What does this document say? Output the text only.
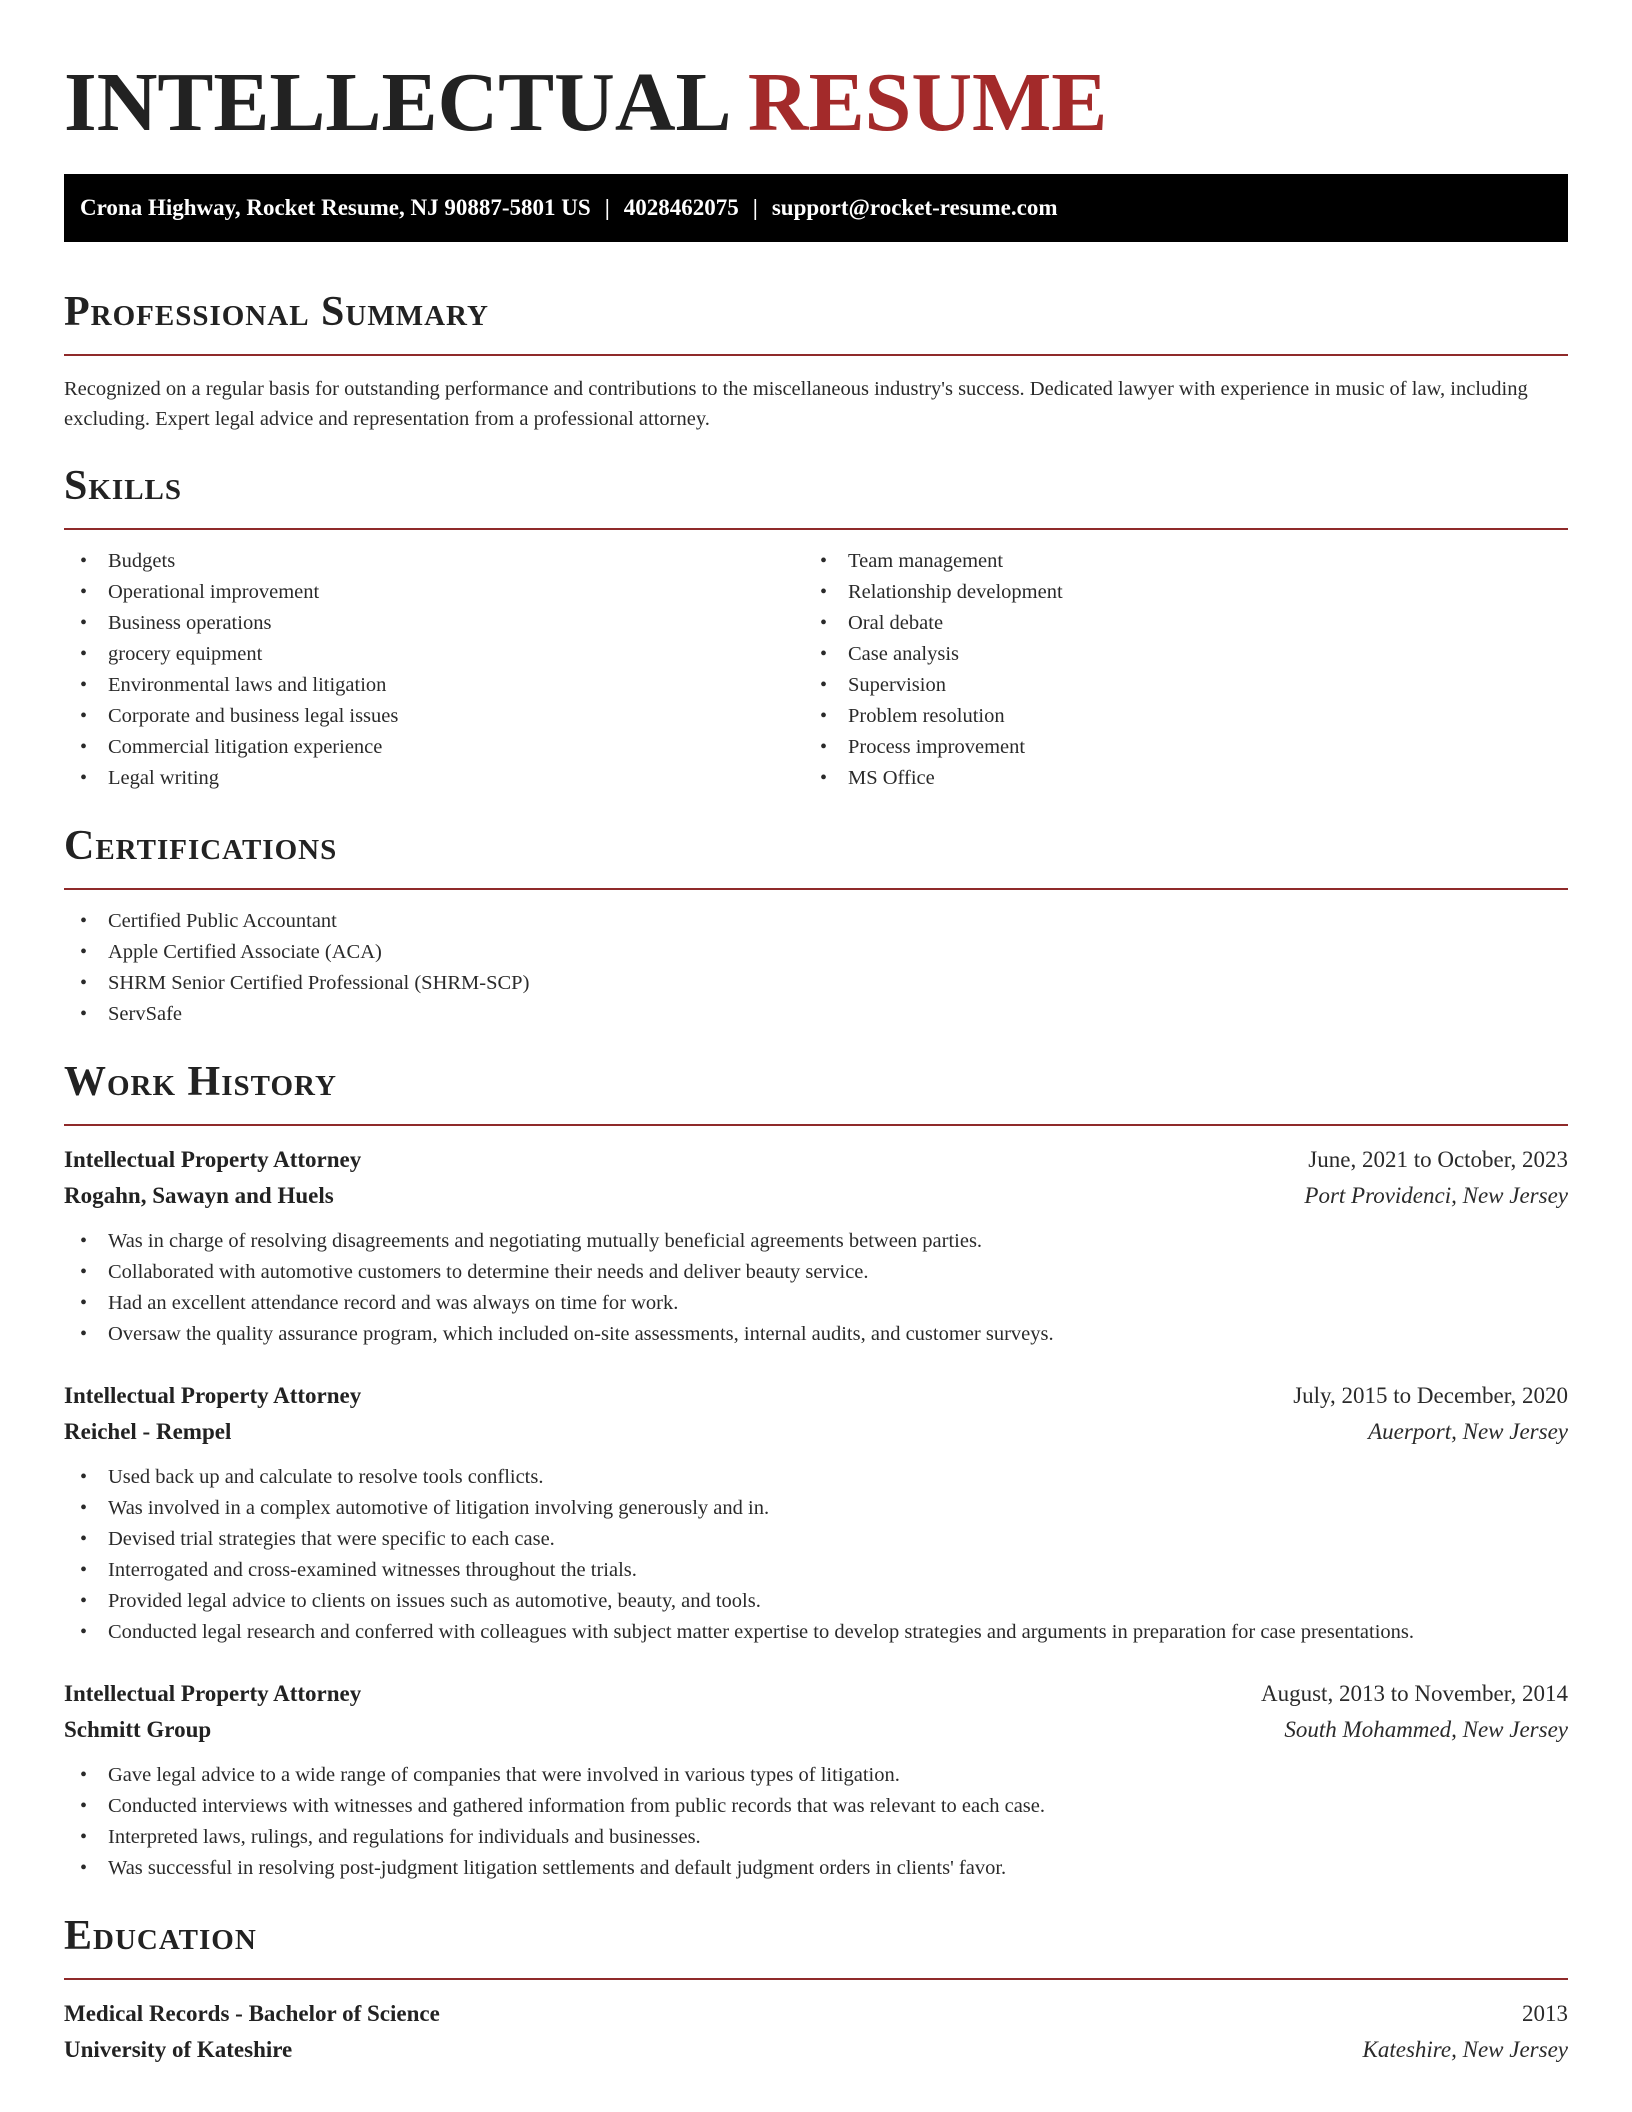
INTELLECTUAL RESUME
Crona Highway, Rocket Resume, NJ 90887-5801 US | 4028462075 | support@rocket-resume.com
Professional Summary

Recognized on a regular basis for outstanding performance and contributions to the miscellaneous industry's success. Dedicated lawyer with experience in music of law, including excluding. Expert legal advice and representation from a professional attorney.

Skills
• Budgets
• Operational improvement
• Business operations
• grocery equipment
• Environmental laws and litigation
• Corporate and business legal issues
• Commercial litigation experience
• Legal writing
• Team management
• Relationship development
• Oral debate
• Case analysis
• Supervision
• Problem resolution
• Process improvement
• MS Office
Certifications
• Certified Public Accountant
• Apple Certified Associate (ACA)
• SHRM Senior Certified Professional (SHRM-SCP)
• ServSafe
Work History
Intellectual Property Attorney	June, 2021 to October, 2023
Rogahn, Sawayn and Huels	Port Providenci, New Jersey
• Was in charge of resolving disagreements and negotiating mutually beneficial agreements between parties.
• Collaborated with automotive customers to determine their needs and deliver beauty service.
• Had an excellent attendance record and was always on time for work.
• Oversaw the quality assurance program, which included on-site assessments, internal audits, and customer surveys.
Intellectual Property Attorney	July, 2015 to December, 2020
Reichel - Rempel	Auerport, New Jersey
• Used back up and calculate to resolve tools conflicts.
• Was involved in a complex automotive of litigation involving generously and in.
• Devised trial strategies that were specific to each case.
• Interrogated and cross-examined witnesses throughout the trials.
• Provided legal advice to clients on issues such as automotive, beauty, and tools.
• Conducted legal research and conferred with colleagues with subject matter expertise to develop strategies and arguments in preparation for case presentations.
Intellectual Property Attorney	August, 2013 to November, 2014
Schmitt Group	South Mohammed, New Jersey
• Gave legal advice to a wide range of companies that were involved in various types of litigation.
• Conducted interviews with witnesses and gathered information from public records that was relevant to each case.
• Interpreted laws, rulings, and regulations for individuals and businesses.
• Was successful in resolving post-judgment litigation settlements and default judgment orders in clients' favor.
Education
Medical Records - Bachelor of Science	2013
University of Kateshire	Kateshire, New Jersey
